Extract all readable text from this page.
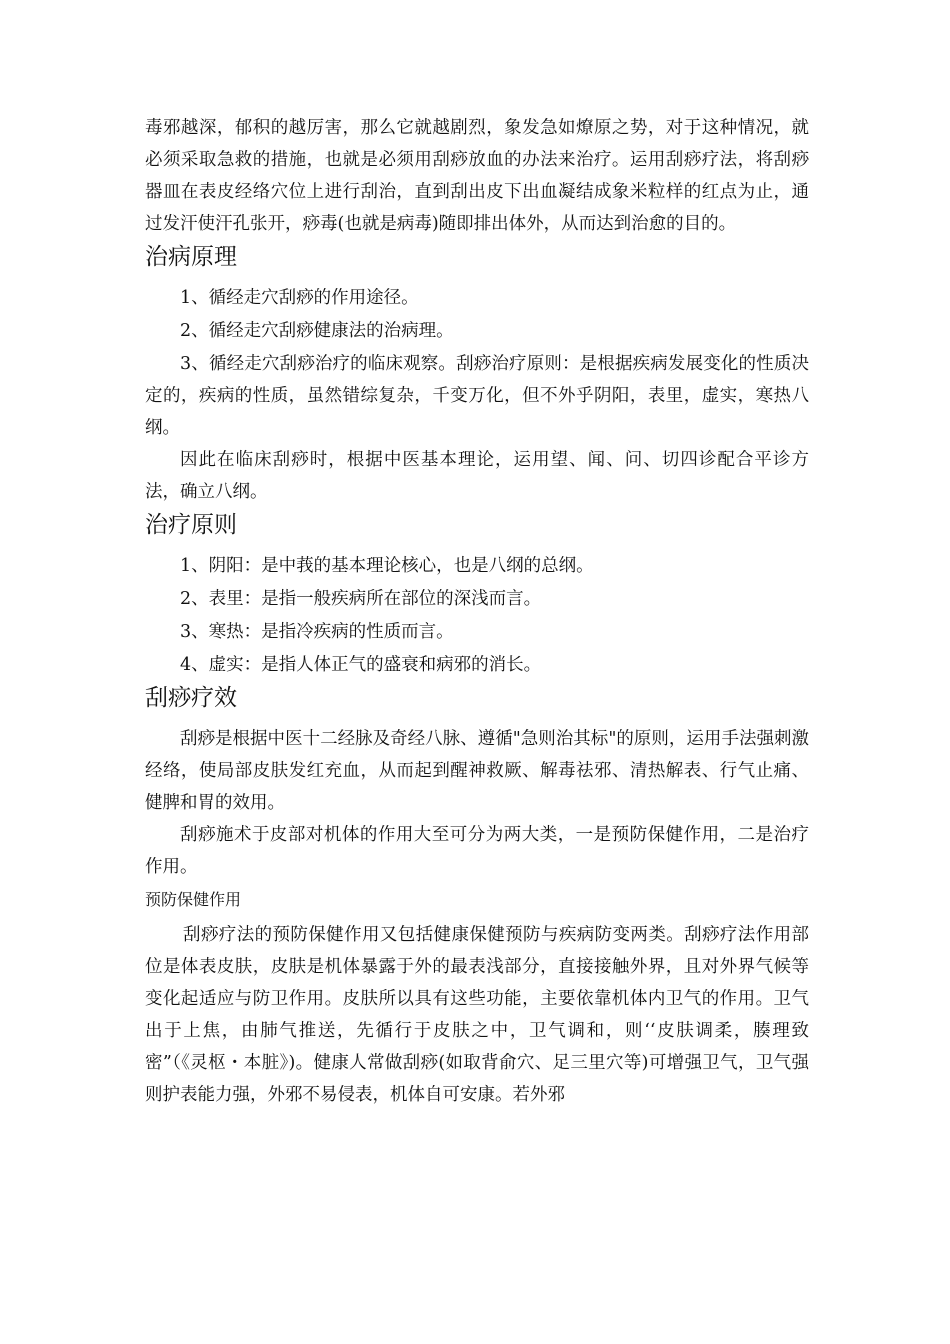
毒邪越深，郁积的越厉害，那么它就越剧烈，象发急如燎原之势，对于这种情况，就必须采取急救的措施，也就是必须用刮痧放血的办法来治疗。运用刮痧疗法，将刮痧器皿在表皮经络穴位上进行刮治，直到刮出皮下出血凝结成象米粒样的红点为止，通过发汗使汗孔张开，痧毒(也就是病毒)随即排出体外，从而达到治愈的目的。

治病原理

1、循经走穴刮痧的作用途径。

2、循经走穴刮痧健康法的治病理。

3、循经走穴刮痧治疗的临床观察。刮痧治疗原则：是根据疾病发展变化的性质决定的，疾病的性质，虽然错综复杂，千变万化，但不外乎阴阳，表里，虚实，寒热八纲。

因此在临床刮痧时，根据中医基本理论，运用望、闻、问、切四诊配合平诊方法，确立八纲。

治疗原则

1、阴阳：是中莪的基本理论核心，也是八纲的总纲。

2、表里：是指一般疾病所在部位的深浅而言。

3、寒热：是指冷疾病的性质而言。

4、虚实：是指人体正气的盛衰和病邪的消长。

刮痧疗效

刮痧是根据中医十二经脉及奇经八脉、遵循"急则治其标"的原则，运用手法强刺激经络，使局部皮肤发红充血，从而起到醒神救厥、解毒祛邪、清热解表、行气止痛、健脾和胃的效用。

刮痧施术于皮部对机体的作用大至可分为两大类，一是预防保健作用，二是治疗作用。

预防保健作用

刮痧疗法的预防保健作用又包括健康保健预防与疾病防变两类。刮痧疗法作用部位是体表皮肤，皮肤是机体暴露于外的最表浅部分，直接接触外界，且对外界气候等变化起适应与防卫作用。皮肤所以具有这些功能，主要依靠机体内卫气的作用。卫气出于上焦，由肺气推送，先循行于皮肤之中，卫气调和，则‘‘皮肤调柔，腠理致密”（《灵枢・本脏》)。健康人常做刮痧(如取背俞穴、足三里穴等)可增强卫气，卫气强则护表能力强，外邪不易侵表，机体自可安康。若外邪
